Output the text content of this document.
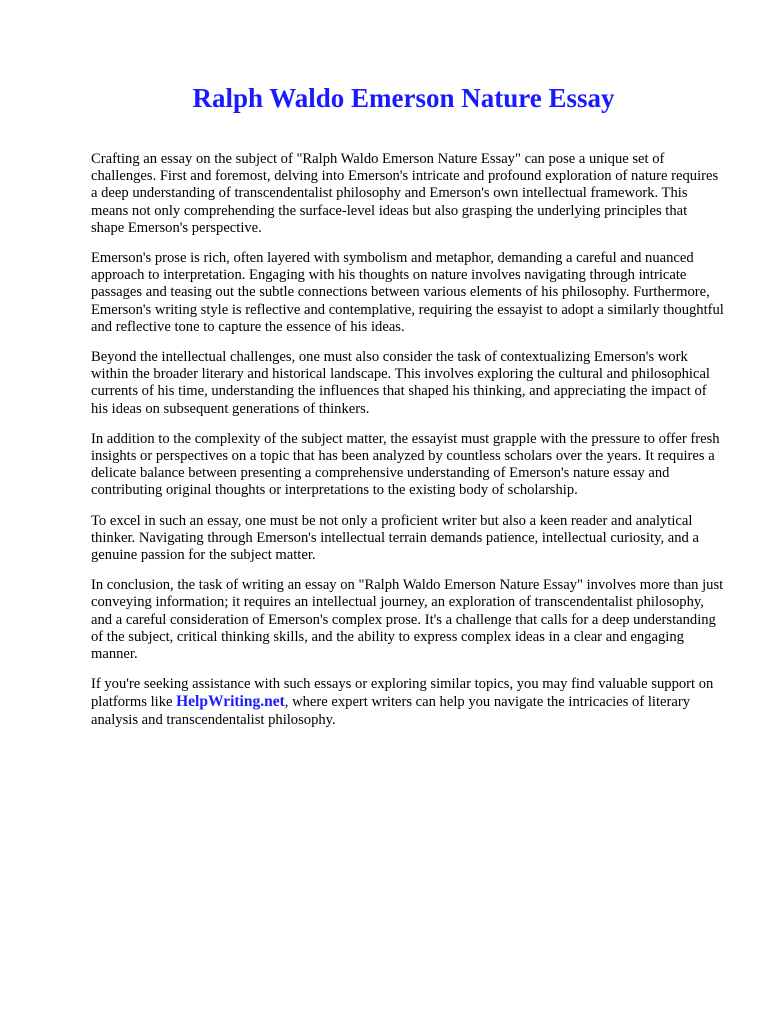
Ralph Waldo Emerson Nature Essay

Crafting an essay on the subject of "Ralph Waldo Emerson Nature Essay" can pose a unique set of challenges. First and foremost, delving into Emerson's intricate and profound exploration of nature requires a deep understanding of transcendentalist philosophy and Emerson's own intellectual framework. This means not only comprehending the surface-level ideas but also grasping the underlying principles that shape Emerson's perspective.

Emerson's prose is rich, often layered with symbolism and metaphor, demanding a careful and nuanced approach to interpretation. Engaging with his thoughts on nature involves navigating through intricate passages and teasing out the subtle connections between various elements of his philosophy. Furthermore, Emerson's writing style is reflective and contemplative, requiring the essayist to adopt a similarly thoughtful and reflective tone to capture the essence of his ideas.

Beyond the intellectual challenges, one must also consider the task of contextualizing Emerson's work within the broader literary and historical landscape. This involves exploring the cultural and philosophical currents of his time, understanding the influences that shaped his thinking, and appreciating the impact of his ideas on subsequent generations of thinkers.

In addition to the complexity of the subject matter, the essayist must grapple with the pressure to offer fresh insights or perspectives on a topic that has been analyzed by countless scholars over the years. It requires a delicate balance between presenting a comprehensive understanding of Emerson's nature essay and contributing original thoughts or interpretations to the existing body of scholarship.

To excel in such an essay, one must be not only a proficient writer but also a keen reader and analytical thinker. Navigating through Emerson's intellectual terrain demands patience, intellectual curiosity, and a genuine passion for the subject matter.

In conclusion, the task of writing an essay on "Ralph Waldo Emerson Nature Essay" involves more than just conveying information; it requires an intellectual journey, an exploration of transcendentalist philosophy, and a careful consideration of Emerson's complex prose. It's a challenge that calls for a deep understanding of the subject, critical thinking skills, and the ability to express complex ideas in a clear and engaging manner.

If you're seeking assistance with such essays or exploring similar topics, you may find valuable support on platforms like HelpWriting.net, where expert writers can help you navigate the intricacies of literary analysis and transcendentalist philosophy.
